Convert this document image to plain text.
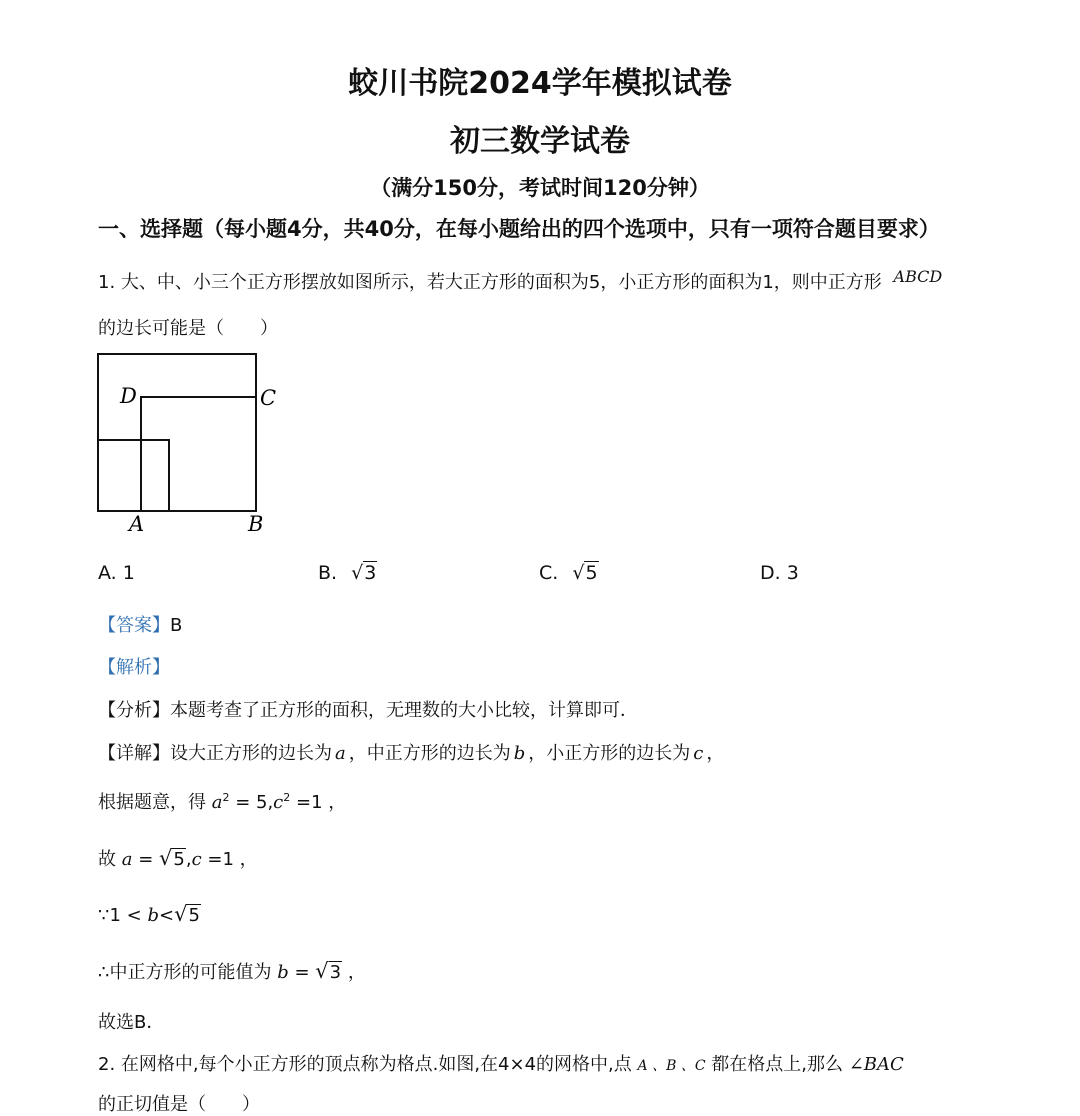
蛟川书院2024学年模拟试卷
初三数学试卷
（满分150分，考试时间120分钟）
一、选择题（每小题4分，共40分，在每小题给出的四个选项中，只有一项符合题目要求）
1. 大、中、小三个正方形摆放如图所示，若大正方形的面积为5，小正方形的面积为1，则中正方形 ABCD
的边长可能是（　　）
D	C
A	B
A. 1	B. √3	C. √5	D. 3
【答案】B
【解析】
【分析】本题考查了正方形的面积，无理数的大小比较，计算即可．
【详解】设大正方形的边长为 a ，中正方形的边长为 b ，小正方形的边长为 c ，
根据题意，得 $a^2 = 5,c^2 =1$ ，
故 a = √5,c =1 ，
∵1 < b<√5
∴中正方形的可能值为 b = √3 ，
故选B．
2. 在网格中,每个小正方形的顶点称为格点.如图,在4×4的网格中,点 A 、B 、C 都在格点上,那么 ∠BAC
的正切值是（　　）
